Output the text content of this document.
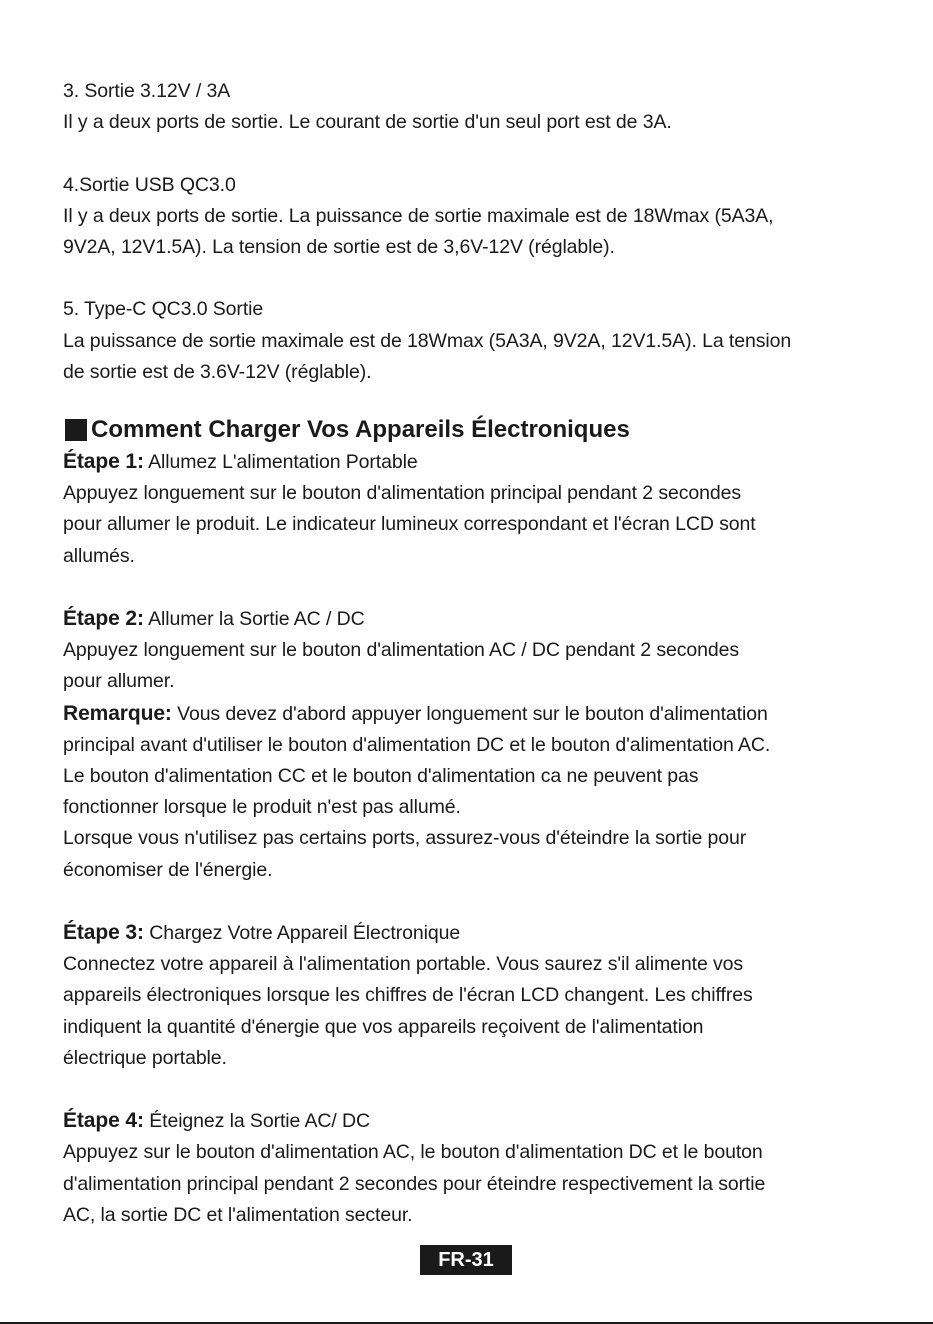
3. Sortie 3.12V / 3A
Il y a deux ports de sortie. Le courant de sortie d'un seul port est de 3A.
4.Sortie USB QC3.0
Il y a deux ports de sortie. La puissance de sortie maximale est de 18Wmax (5A3A,
9V2A, 12V1.5A). La tension de sortie est de 3,6V-12V (réglable).
5. Type-C QC3.0 Sortie
La puissance de sortie maximale est de 18Wmax (5A3A, 9V2A, 12V1.5A). La tension
de sortie est de 3.6V-12V (réglable).
Comment Charger Vos Appareils Électroniques
Étape 1: Allumez L'alimentation Portable
Appuyez longuement sur le bouton d'alimentation principal pendant 2 secondes
pour allumer le produit. Le indicateur lumineux correspondant et l'écran LCD sont
allumés.
Étape 2: Allumer la Sortie AC / DC
Appuyez longuement sur le bouton d'alimentation AC / DC pendant 2 secondes
pour allumer.
Remarque: Vous devez d'abord appuyer longuement sur le bouton d'alimentation
principal avant d'utiliser le bouton d'alimentation DC et le bouton d'alimentation AC.
Le bouton d'alimentation CC et le bouton d'alimentation ca ne peuvent pas
fonctionner lorsque le produit n'est pas allumé.
Lorsque vous n'utilisez pas certains ports, assurez-vous d'éteindre la sortie pour
économiser de l'énergie.
Étape 3: Chargez Votre Appareil Électronique
Connectez votre appareil à l'alimentation portable. Vous saurez s'il alimente vos
appareils électroniques lorsque les chiffres de l'écran LCD changent. Les chiffres
indiquent la quantité d'énergie que vos appareils reçoivent de l'alimentation
électrique portable.
Étape 4: Éteignez la Sortie AC/ DC
Appuyez sur le bouton d'alimentation AC, le bouton d'alimentation DC et le bouton
d'alimentation principal pendant 2 secondes pour éteindre respectivement la sortie
AC, la sortie DC et l'alimentation secteur.
FR-31
